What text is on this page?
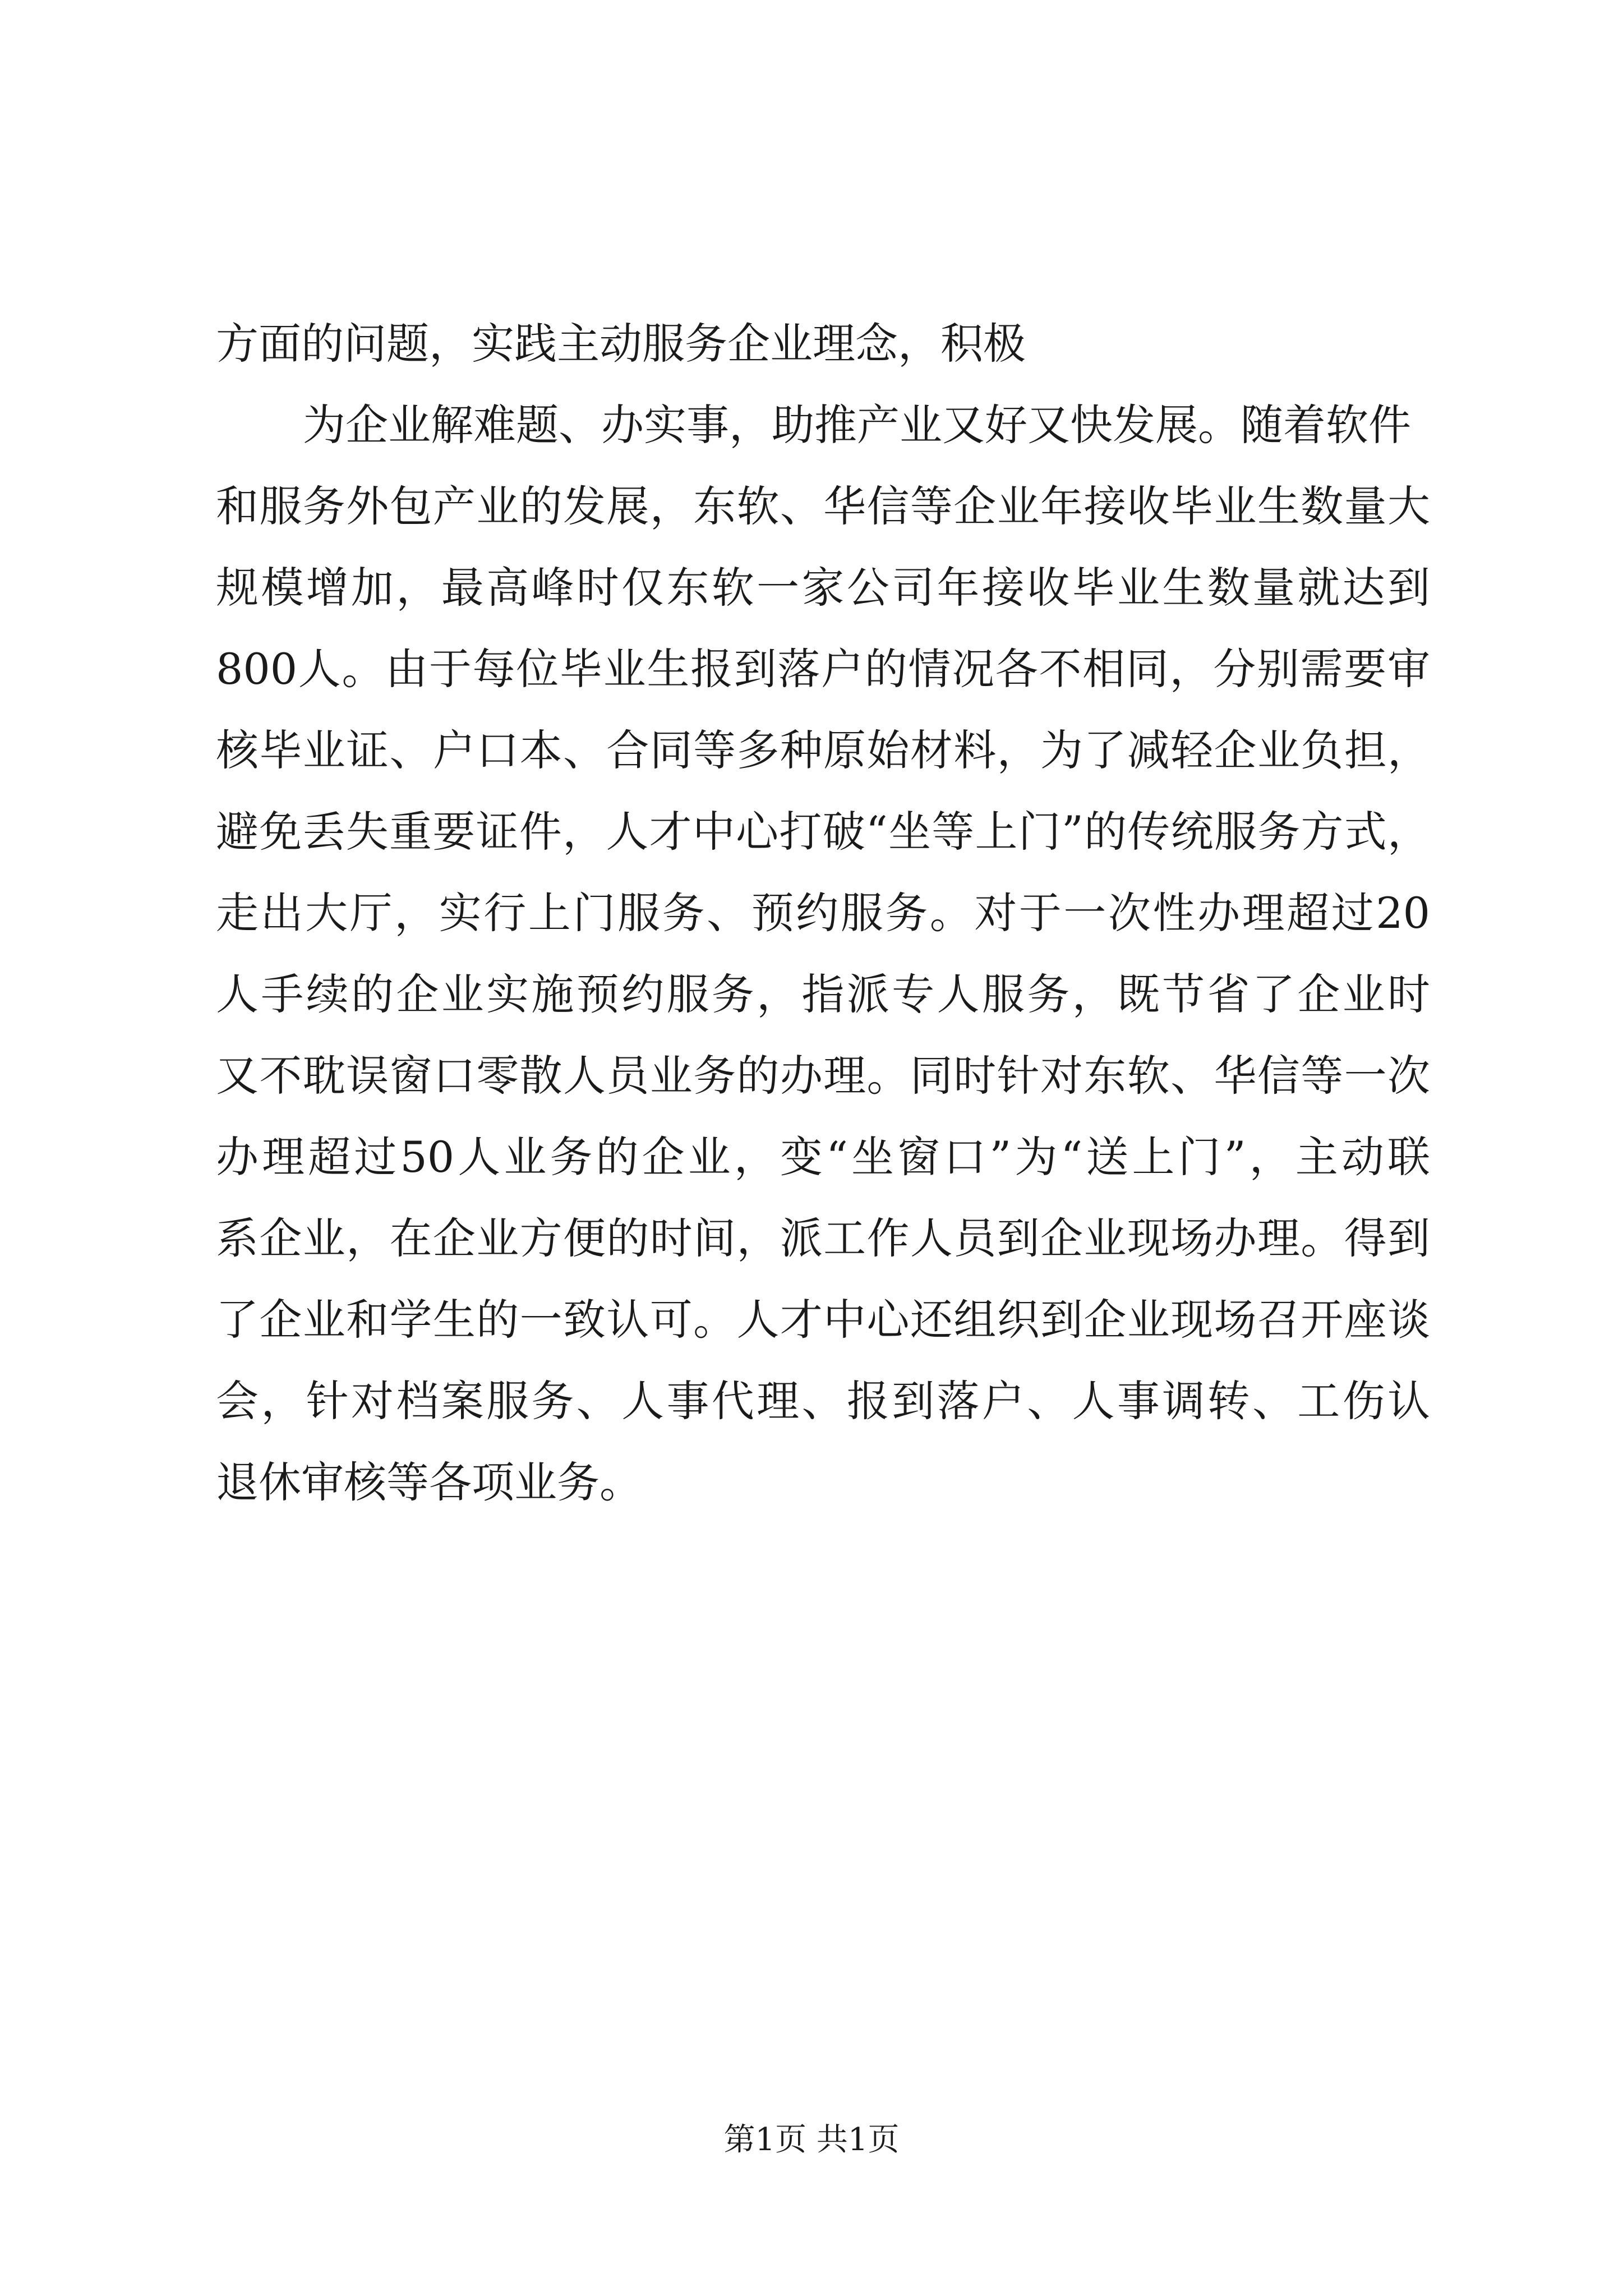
方面的问题，实践主动服务企业理念，积极
为企业解难题、办实事，助推产业又好又快发展。随着软件
和服务外包产业的发展，东软、华信等企业年接收毕业生数量大
规模增加，最高峰时仅东软一家公司年接收毕业生数量就达到
800人。由于每位毕业生报到落户的情况各不相同，分别需要审
核毕业证、户口本、合同等多种原始材料，为了减轻企业负担，
避免丢失重要证件，人才中心打破“坐等上门”的传统服务方式，
走出大厅，实行上门服务、预约服务。对于一次性办理超过20
人手续的企业实施预约服务，指派专人服务，既节省了企业时
又不耽误窗口零散人员业务的办理。同时针对东软、华信等一次
办理超过50人业务的企业，变“坐窗口”为“送上门”，主动联
系企业，在企业方便的时间，派工作人员到企业现场办理。得到
了企业和学生的一致认可。人才中心还组织到企业现场召开座谈
会，针对档案服务、人事代理、报到落户、人事调转、工伤认
退休审核等各项业务。
第1页 共1页
